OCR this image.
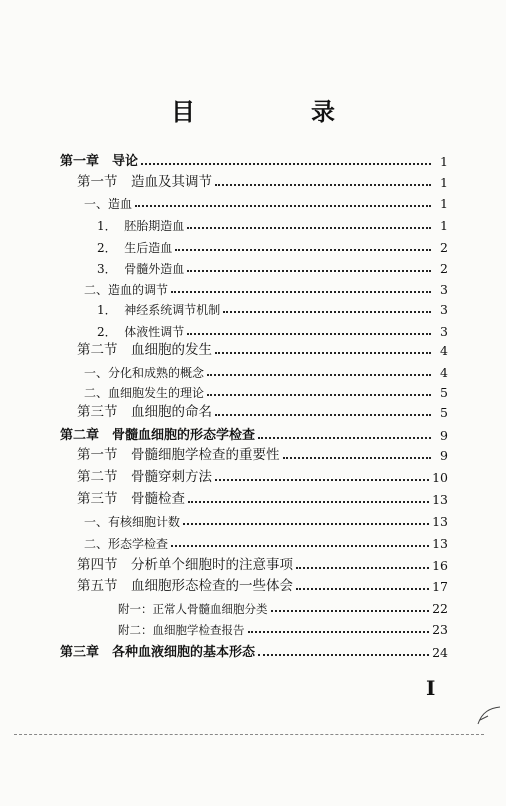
目　录
第一章　导论	1
第一节　造血及其调节	1
一、造血	1
1．  胚胎期造血	1
2．  生后造血	2
3．  骨髓外造血	2
二、造血的调节	3
1．  神经系统调节机制	3
2．  体液性调节	3
第二节　血细胞的发生	4
一、分化和成熟的概念	4
二、血细胞发生的理论	5
第三节　血细胞的命名	5
第二章　骨髓血细胞的形态学检查	9
第一节　骨髓细胞学检查的重要性	9
第二节　骨髓穿刺方法	10
第三节　骨髓检查	13
一、有核细胞计数	13
二、形态学检查	13
第四节　分析单个细胞时的注意事项	16
第五节　血细胞形态检查的一些体会	17
附一：正常人骨髓血细胞分类	22
附二：血细胞学检查报告	23
第三章　各种血液细胞的基本形态	24
I
